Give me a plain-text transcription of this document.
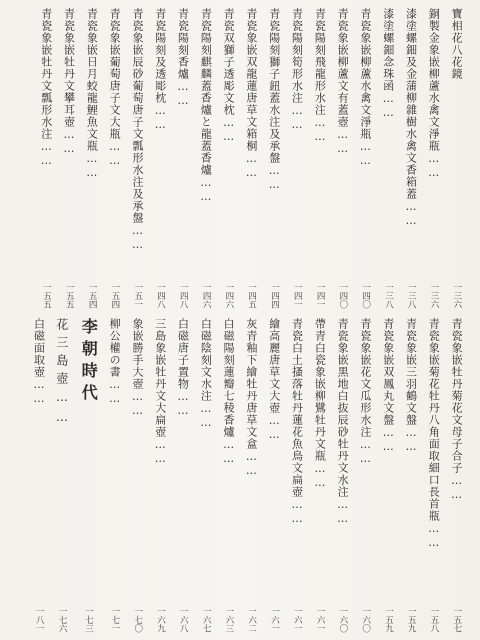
寶相花八花鏡
一三六
銅製金象嵌柳蘆水禽文淨瓶……
一三六
漆塗螺鈿及金蒲柳雜樹水禽文香箱蓋……
一三八
漆塗螺鈿念珠函……
一三八
青瓷象嵌柳蘆水禽文淨瓶……
一四〇
青瓷象嵌柳蘆文有蓋壺……
一四〇
青瓷陽刻飛龍形水注……
一四一
青瓷陽刻筍形水注……
一四一
青瓷陽刻獅子鈕蓋水注及承盤……
一四四
青瓷象嵌双龍蓮唐草文箱桐……
一四五
青瓷双獅子透彫文枕……
一四六
青瓷陽刻麒麟蓋香爐と龍蓋香爐……
一四六
青瓷陽刻香爐……
一四八
青瓷陽刻及透彫枕……
一四八
青瓷象嵌辰砂葡萄唐子文瓢形水注及承盤……
一五一
青瓷象嵌葡萄唐子文大瓶……
一五四
青瓷象嵌日月蛟龍鯉魚文瓶……
一五四
青瓷象嵌牡丹文攀耳壺……
一五五
青瓷象嵌牡丹文瓢形水注……
一五五
青瓷象嵌牡丹菊花文母子合子……
一五七
青瓷象嵌菊花牡丹八角面取細口長首瓶……
一五八
青瓷象嵌三羽鶴文盤……
一五九
青瓷象嵌双鳳丸文盤……
一五九
青瓷象嵌花文瓜形水注……
一六〇
青瓷象嵌黒地白抜辰砂牡丹文水注……
一六〇
帶青白瓷象嵌柳鷺牡丹文瓶……
一六一
青瓷白土搔落牡丹蓮花魚鳥文扁壺……
一六一
繪高麗唐草文大壺……
一六一
灰青釉下繪牡丹唐草文盒……
一六二
白磁陽刻蓮瓣七稜香爐……
一六三
白磁陰刻文水注……
一六七
白磁唐子置物……
一六八
三島象嵌牡丹文大扁壺……
一六九
象嵌勝手大壺……
一七〇
柳公權の書……
一七一
李朝時代
一七三
花三島壺……
一七六
白磁面取壺……
一八一
